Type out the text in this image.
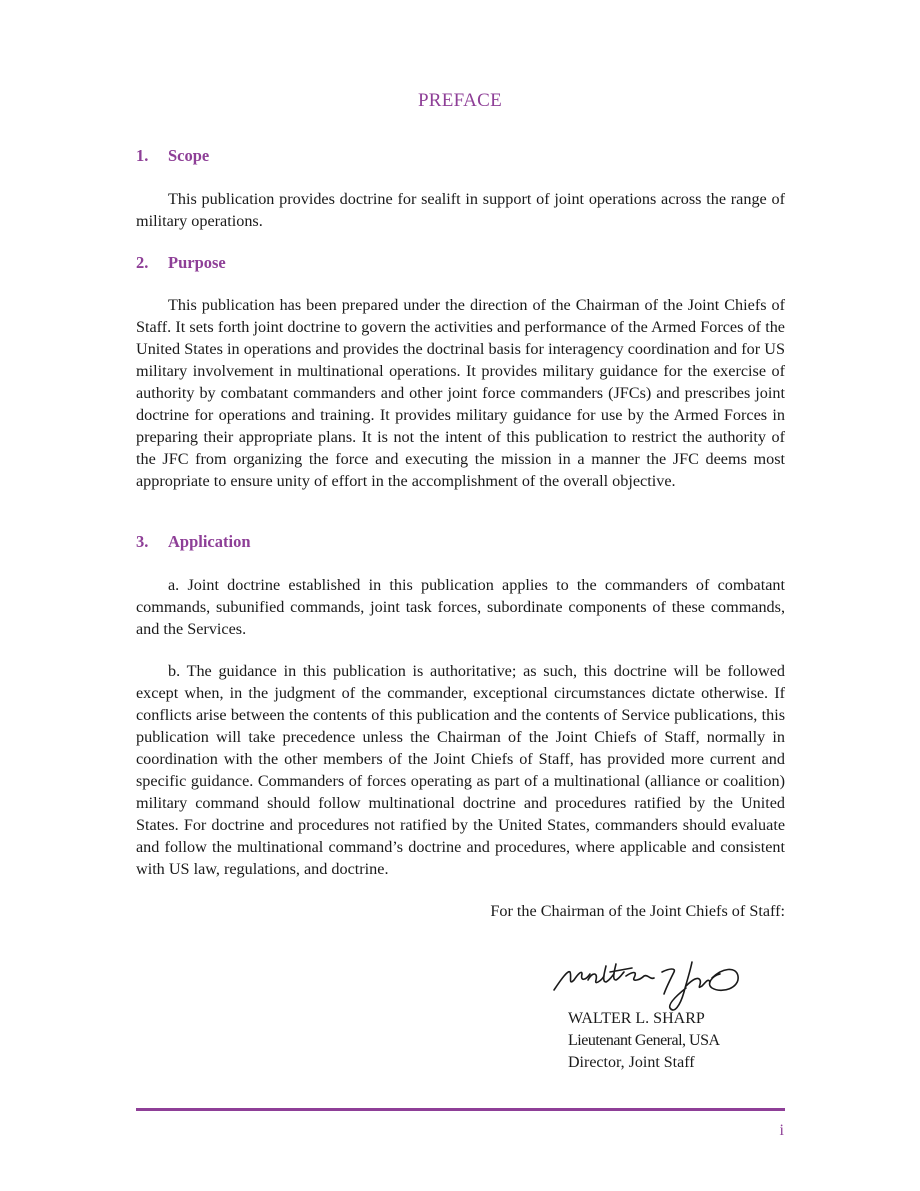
PREFACE
1. Scope

This publication provides doctrine for sealift in support of joint operations across the range of military operations.

2. Purpose

This publication has been prepared under the direction of the Chairman of the Joint Chiefs of Staff. It sets forth joint doctrine to govern the activities and performance of the Armed Forces of the United States in operations and provides the doctrinal basis for interagency coordination and for US military involvement in multinational operations. It provides military guidance for the exercise of authority by combatant commanders and other joint force commanders (JFCs) and prescribes joint doctrine for operations and training. It provides military guidance for use by the Armed Forces in preparing their appropriate plans. It is not the intent of this publication to restrict the authority of the JFC from organizing the force and executing the mission in a manner the JFC deems most appropriate to ensure unity of effort in the accomplishment of the overall objective.

3. Application

a. Joint doctrine established in this publication applies to the commanders of combatant commands, subunified commands, joint task forces, subordinate components of these commands, and the Services.

b. The guidance in this publication is authoritative; as such, this doctrine will be followed except when, in the judgment of the commander, exceptional circumstances dictate otherwise. If conflicts arise between the contents of this publication and the contents of Service publications, this publication will take precedence unless the Chairman of the Joint Chiefs of Staff, normally in coordination with the other members of the Joint Chiefs of Staff, has provided more current and specific guidance. Commanders of forces operating as part of a multinational (alliance or coalition) military command should follow multinational doctrine and procedures ratified by the United States. For doctrine and procedures not ratified by the United States, commanders should evaluate and follow the multinational command’s doctrine and procedures, where applicable and consistent with US law, regulations, and doctrine.

For the Chairman of the Joint Chiefs of Staff:
WALTER L. SHARP
Lieutenant General, USA
Director, Joint Staff
i
